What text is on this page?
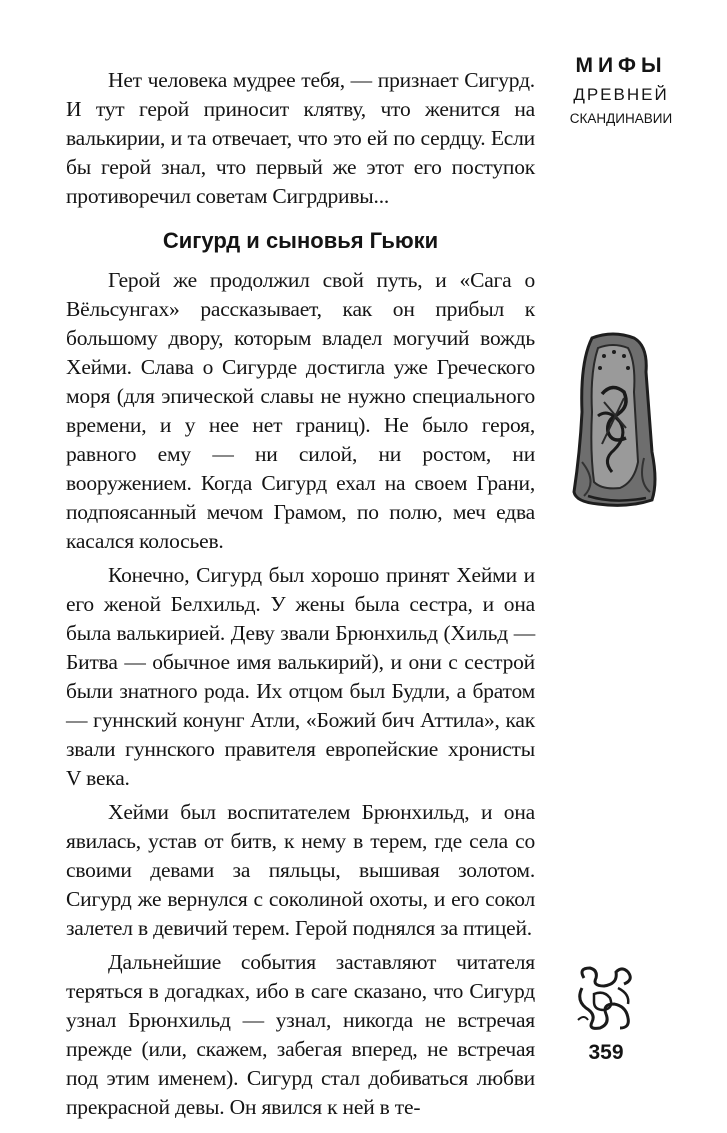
Нет человека мудрее тебя, — признает Сигурд. И тут герой приносит клятву, что женится на валькирии, и та отвечает, что это ей по сердцу. Если бы герой знал, что первый же этот его поступок противоречил советам Сигрдривы...

Сигурд и сыновья Гьюки

Герой же продолжил свой путь, и «Сага о Вёльсунгах» рассказывает, как он прибыл к большому двору, которым владел могучий вождь Хейми. Слава о Сигурде достигла уже Греческого моря (для эпической славы не нужно специального времени, и у нее нет границ). Не было героя, равного ему — ни силой, ни ростом, ни вооружением. Когда Сигурд ехал на своем Грани, подпоясанный мечом Грамом, по полю, меч едва касался колосьев.

Конечно, Сигурд был хорошо принят Хейми и его женой Белхильд. У жены была сестра, и она была валькирией. Деву звали Брюнхильд (Хильд — Битва — обычное имя валькирий), и они с сестрой были знатного рода. Их отцом был Будли, а братом — гуннский конунг Атли, «Божий бич Аттила», как звали гуннского правителя европейские хронисты V века.

Хейми был воспитателем Брюнхильд, и она явилась, устав от битв, к нему в терем, где села со своими девами за пяльцы, вышивая золотом. Сигурд же вернулся с соколиной охоты, и его сокол залетел в девичий терем. Герой поднялся за птицей.

Дальнейшие события заставляют читателя теряться в догадках, ибо в саге сказано, что Сигурд узнал Брюнхильд — узнал, никогда не встречая прежде (или, скажем, забегая вперед, не встречая под этим именем). Сигурд стал добиваться любви прекрасной девы. Он явился к ней в те-

МИФЫ
ДРЕВНЕЙ
СКАНДИНАВИИ
359
